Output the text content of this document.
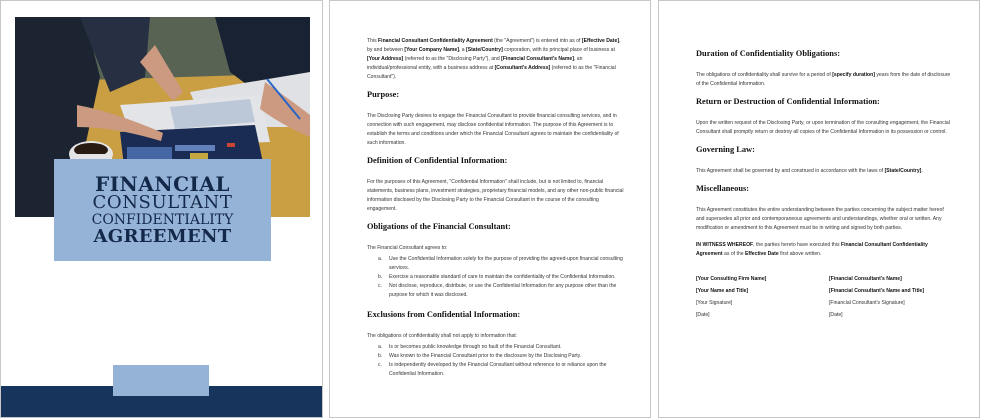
FINANCIAL
CONSULTANT
CONFIDENTIALITY
AGREEMENT

This Financial Consultant Confidentiality Agreement (the "Agreement") is entered into as of [Effective Date], by and between [Your Company Name], a [State/Country] corporation, with its principal place of business at [Your Address] (referred to as the "Disclosing Party"), and [Financial Consultant's Name], an individual/professional entity, with a business address at [Consultant's Address] (referred to as the "Financial Consultant").

Purpose:

The Disclosing Party desires to engage the Financial Consultant to provide financial consulting services, and in connection with such engagement, may disclose confidential information. The purpose of this Agreement is to establish the terms and conditions under which the Financial Consultant agrees to maintain the confidentiality of such information.

Definition of Confidential Information:

For the purposes of this Agreement, "Confidential Information" shall include, but is not limited to, financial statements, business plans, investment strategies, proprietary financial models, and any other non-public financial information disclosed by the Disclosing Party to the Financial Consultant in the course of the consulting engagement.

Obligations of the Financial Consultant:

The Financial Consultant agrees to:

a.	Use the Confidential Information solely for the purpose of providing the agreed-upon financial consulting services.
b.	Exercise a reasonable standard of care to maintain the confidentiality of the Confidential Information.
c.	Not disclose, reproduce, distribute, or use the Confidential Information for any purpose other than the purpose for which it was disclosed.
Exclusions from Confidential Information:

The obligations of confidentiality shall not apply to information that:

a.	Is or becomes public knowledge through no fault of the Financial Consultant.
b.	Was known to the Financial Consultant prior to the disclosure by the Disclosing Party.
c.	Is independently developed by the Financial Consultant without reference to or reliance upon the Confidential Information.
Duration of Confidentiality Obligations:

The obligations of confidentiality shall survive for a period of [specify duration] years from the date of disclosure of the Confidential Information.

Return or Destruction of Confidential Information:

Upon the written request of the Disclosing Party, or upon termination of the consulting engagement, the Financial Consultant shall promptly return or destroy all copies of the Confidential Information in its possession or control.

Governing Law:

This Agreement shall be governed by and construed in accordance with the laws of [State/Country].

Miscellaneous:

This Agreement constitutes the entire understanding between the parties concerning the subject matter hereof and supersedes all prior and contemporaneous agreements and understandings, whether oral or written. Any modification or amendment to this Agreement must be in writing and signed by both parties.

IN WITNESS WHEREOF, the parties hereto have executed this Financial Consultant Confidentiality Agreement as of the Effective Date first above written.

[Your Consulting Firm Name]	[Financial Consultant's Name]
[Your Name and Title]	[Financial Consultant's Name and Title]
[Your Signature]	[Financial Consultant's Signature]
[Date]	[Date]
